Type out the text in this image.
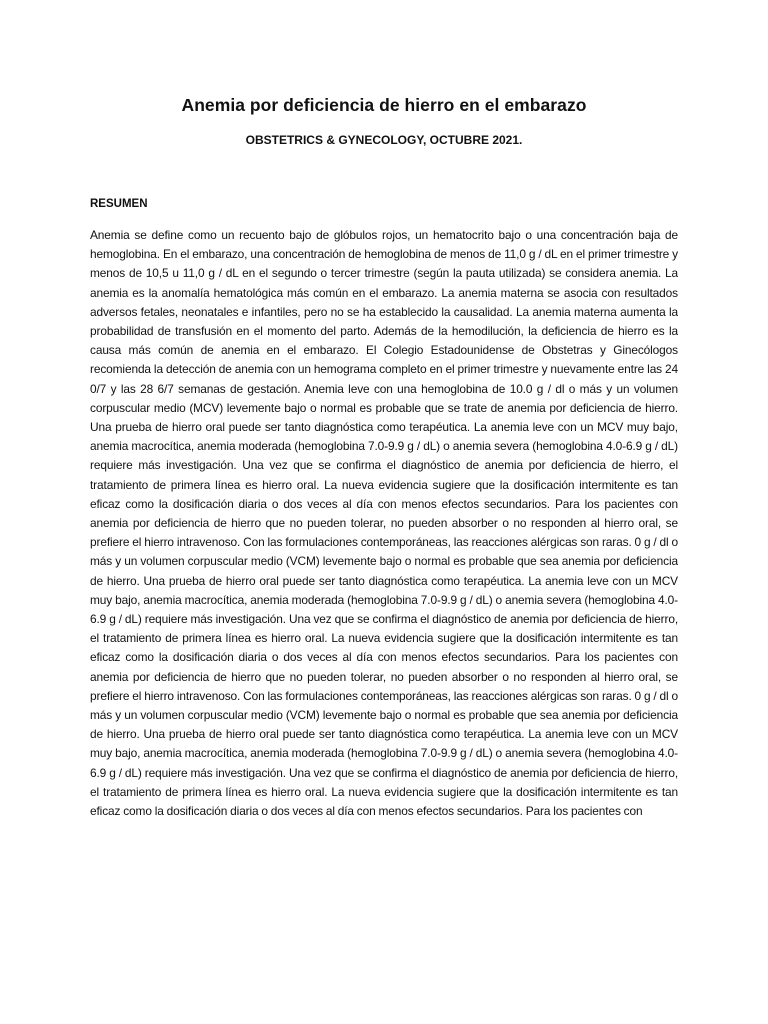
Anemia por deficiencia de hierro en el embarazo

OBSTETRICS & GYNECOLOGY, OCTUBRE 2021.

RESUMEN

Anemia se define como un recuento bajo de glóbulos rojos, un hematocrito bajo o una concentración baja de hemoglobina. En el embarazo, una concentración de hemoglobina de menos de 11,0 g / dL en el primer trimestre y menos de 10,5 u 11,0 g / dL en el segundo o tercer trimestre (según la pauta utilizada) se considera anemia. La anemia es la anomalía hematológica más común en el embarazo. La anemia materna se asocia con resultados adversos fetales, neonatales e infantiles, pero no se ha establecido la causalidad. La anemia materna aumenta la probabilidad de transfusión en el momento del parto. Además de la hemodilución, la deficiencia de hierro es la causa más común de anemia en el embarazo. El Colegio Estadounidense de Obstetras y Ginecólogos recomienda la detección de anemia con un hemograma completo en el primer trimestre y nuevamente entre las 24 0/7 y las 28 6/7 semanas de gestación. Anemia leve con una hemoglobina de 10.0 g / dl o más y un volumen corpuscular medio (MCV) levemente bajo o normal es probable que se trate de anemia por deficiencia de hierro. Una prueba de hierro oral puede ser tanto diagnóstica como terapéutica. La anemia leve con un MCV muy bajo, anemia macrocítica, anemia moderada (hemoglobina 7.0-9.9 g / dL) o anemia severa (hemoglobina 4.0-6.9 g / dL) requiere más investigación. Una vez que se confirma el diagnóstico de anemia por deficiencia de hierro, el tratamiento de primera línea es hierro oral. La nueva evidencia sugiere que la dosificación intermitente es tan eficaz como la dosificación diaria o dos veces al día con menos efectos secundarios. Para los pacientes con anemia por deficiencia de hierro que no pueden tolerar, no pueden absorber o no responden al hierro oral, se prefiere el hierro intravenoso. Con las formulaciones contemporáneas, las reacciones alérgicas son raras. 0 g / dl o más y un volumen corpuscular medio (VCM) levemente bajo o normal es probable que sea anemia por deficiencia de hierro. Una prueba de hierro oral puede ser tanto diagnóstica como terapéutica. La anemia leve con un MCV muy bajo, anemia macrocítica, anemia moderada (hemoglobina 7.0-9.9 g / dL) o anemia severa (hemoglobina 4.0-6.9 g / dL) requiere más investigación. Una vez que se confirma el diagnóstico de anemia por deficiencia de hierro, el tratamiento de primera línea es hierro oral. La nueva evidencia sugiere que la dosificación intermitente es tan eficaz como la dosificación diaria o dos veces al día con menos efectos secundarios. Para los pacientes con anemia por deficiencia de hierro que no pueden tolerar, no pueden absorber o no responden al hierro oral, se prefiere el hierro intravenoso. Con las formulaciones contemporáneas, las reacciones alérgicas son raras. 0 g / dl o más y un volumen corpuscular medio (VCM) levemente bajo o normal es probable que sea anemia por deficiencia de hierro. Una prueba de hierro oral puede ser tanto diagnóstica como terapéutica. La anemia leve con un MCV muy bajo, anemia macrocítica, anemia moderada (hemoglobina 7.0-9.9 g / dL) o anemia severa (hemoglobina 4.0-6.9 g / dL) requiere más investigación. Una vez que se confirma el diagnóstico de anemia por deficiencia de hierro, el tratamiento de primera línea es hierro oral. La nueva evidencia sugiere que la dosificación intermitente es tan eficaz como la dosificación diaria o dos veces al día con menos efectos secundarios. Para los pacientes con
